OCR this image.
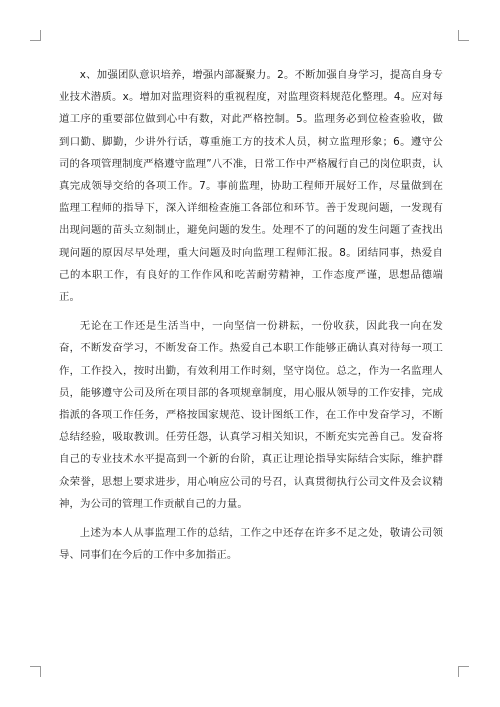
x、加强团队意识培养，增强内部凝聚力。2。不断加强自身学习，提高自身专业技术潜质。x。增加对监理资料的重视程度，对监理资料规范化整理。4。应对每道工序的重要部位做到心中有数，对此严格控制。5。监理务必到位检查验收，做到口勤、脚勤，少讲外行话，尊重施工方的技术人员，树立监理形象；6。遵守公司的各项管理制度严格遵守监理”八不准，日常工作中严格履行自己的岗位职责，认真完成领导交给的各项工作。7。事前监理，协助工程师开展好工作，尽量做到在监理工程师的指导下，深入详细检查施工各部位和环节。善于发现问题，一发现有出现问题的苗头立刻制止，避免问题的发生。处理不了的问题的发生问题了查找出现问题的原因尽早处理，重大问题及时向监理工程师汇报。8。团结同事，热爱自己的本职工作，有良好的工作作风和吃苦耐劳精神，工作态度严谨，思想品德端正。

无论在工作还是生活当中，一向坚信一份耕耘，一份收获，因此我一向在发奋，不断发奋学习，不断发奋工作。热爱自己本职工作能够正确认真对待每一项工作，工作投入，按时出勤，有效利用工作时刻，坚守岗位。总之，作为一名监理人员，能够遵守公司及所在项目部的各项规章制度，用心服从领导的工作安排，完成指派的各项工作任务，严格按国家规范、设计图纸工作，在工作中发奋学习，不断总结经验，吸取教训。任劳任怨，认真学习相关知识，不断充实完善自己。发奋将自己的专业技术水平提高到一个新的台阶，真正让理论指导实际结合实际，维护群众荣誉，思想上要求进步，用心响应公司的号召，认真贯彻执行公司文件及会议精神，为公司的管理工作贡献自己的力量。

上述为本人从事监理工作的总结，工作之中还存在许多不足之处，敬请公司领导、同事们在今后的工作中多加指正。
